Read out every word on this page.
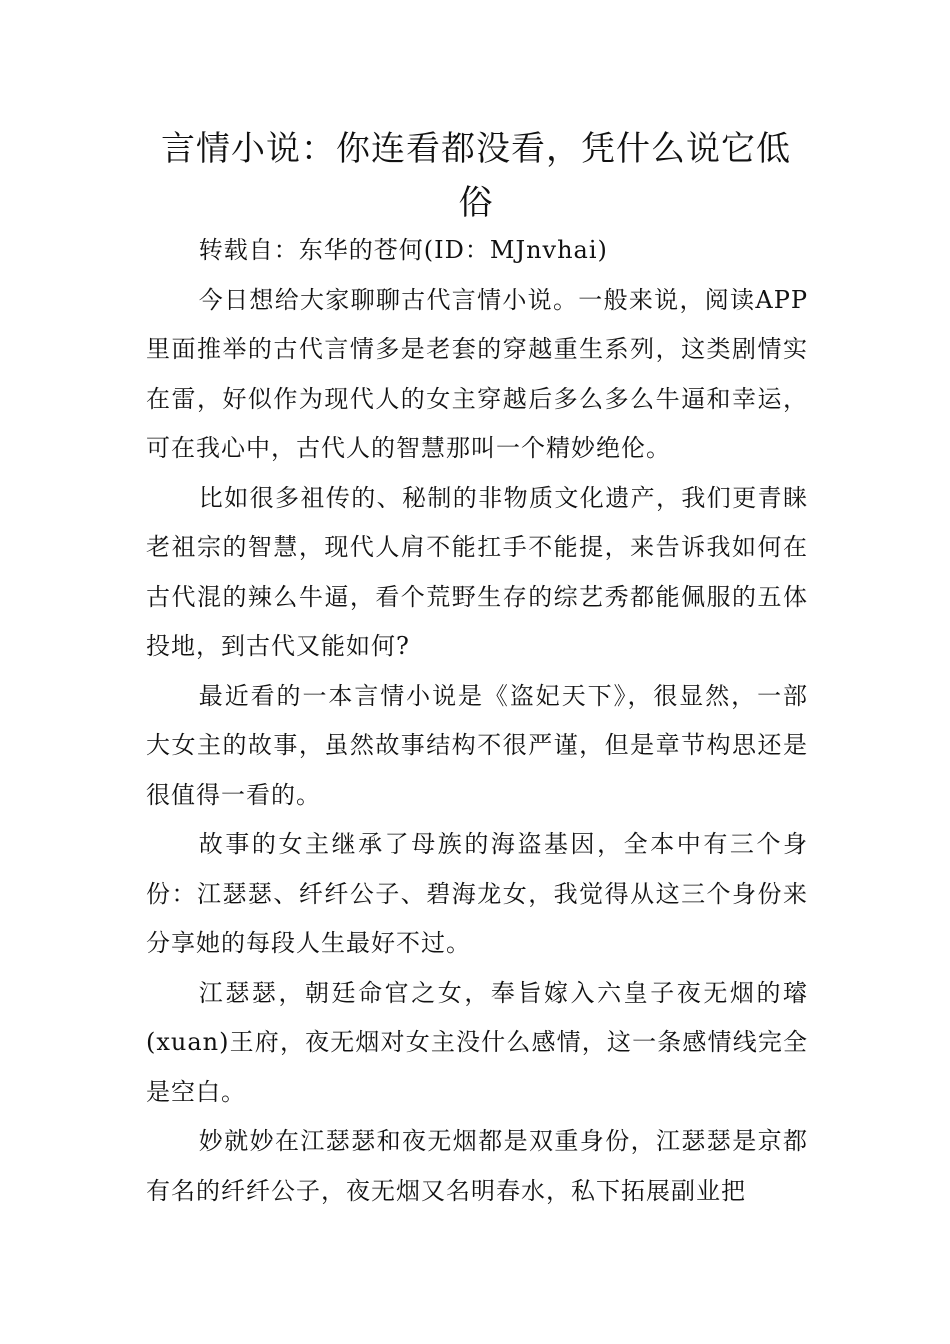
言情小说：你连看都没看，凭什么说它低俗

转载自：东华的苍何(ID：MJnvhai)

今日想给大家聊聊古代言情小说。一般来说，阅读APP里面推举的古代言情多是老套的穿越重生系列，这类剧情实在雷，好似作为现代人的女主穿越后多么多么牛逼和幸运，可在我心中，古代人的智慧那叫一个精妙绝伦。

比如很多祖传的、秘制的非物质文化遗产，我们更青睐老祖宗的智慧，现代人肩不能扛手不能提，来告诉我如何在古代混的辣么牛逼，看个荒野生存的综艺秀都能佩服的五体投地，到古代又能如何?

最近看的一本言情小说是《盗妃天下》，很显然，一部大女主的故事，虽然故事结构不很严谨，但是章节构思还是很值得一看的。

故事的女主继承了母族的海盗基因，全本中有三个身份：江瑟瑟、纤纤公子、碧海龙女，我觉得从这三个身份来分享她的每段人生最好不过。

江瑟瑟，朝廷命官之女，奉旨嫁入六皇子夜无烟的璿(xuan)王府，夜无烟对女主没什么感情，这一条感情线完全是空白。

妙就妙在江瑟瑟和夜无烟都是双重身份，江瑟瑟是京都有名的纤纤公子，夜无烟又名明春水，私下拓展副业把
